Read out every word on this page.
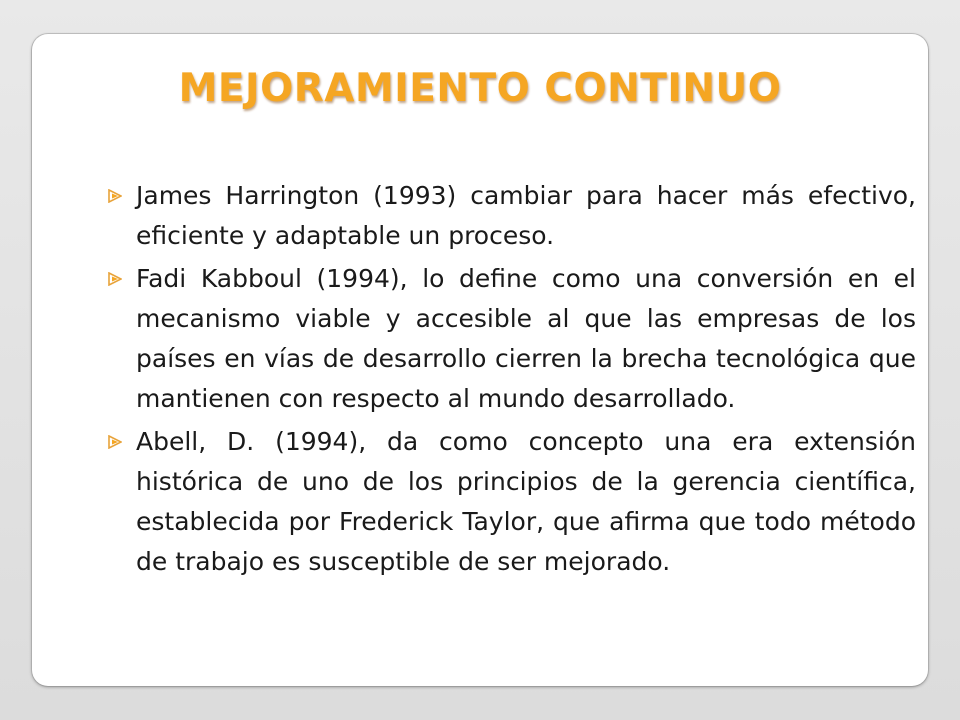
MEJORAMIENTO CONTINUO
James Harrington (1993) cambiar para hacer más efectivo, eficiente y adaptable un proceso.
Fadi Kabboul (1994), lo define como una conversión en el mecanismo viable y accesible al que las empresas de los países en vías de desarrollo cierren la brecha tecnológica que mantienen con respecto al mundo desarrollado.
Abell, D. (1994), da como concepto una era extensión histórica de uno de los principios de la gerencia científica, establecida por Frederick Taylor, que afirma que todo método de trabajo es susceptible de ser mejorado.
